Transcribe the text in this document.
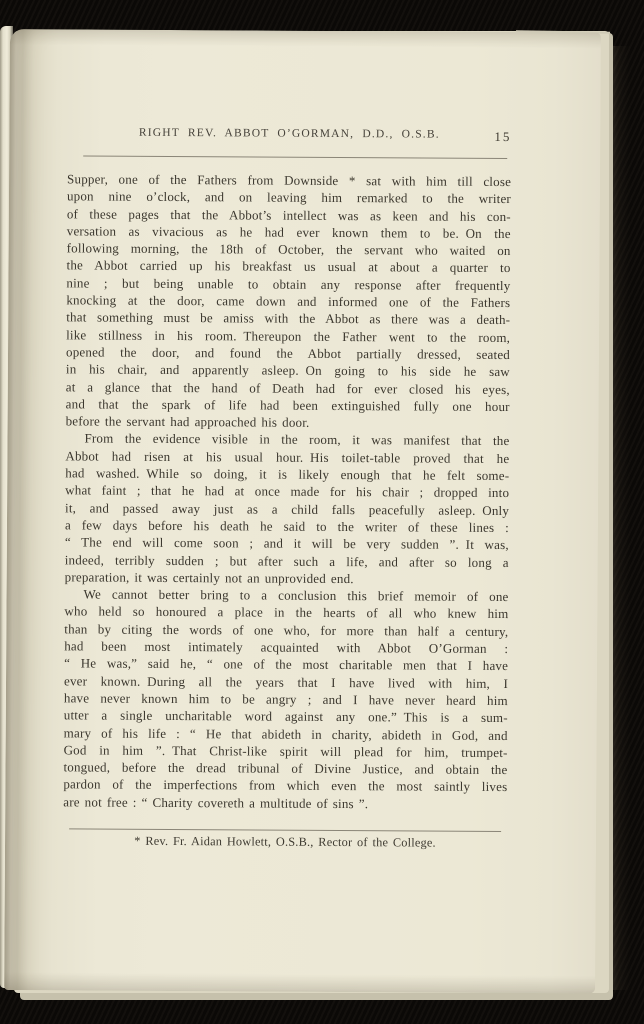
RIGHT REV. ABBOT O’GORMAN, D.D., O.S.B.	15
Supper, one of the Fathers from Downside * sat with him till close
upon nine o’clock, and on leaving him remarked to the writer
of these pages that the Abbot’s intellect was as keen and his con-
versation as vivacious as he had ever known them to be. On the
following morning, the 18th of October, the servant who waited on
the Abbot carried up his breakfast us usual at about a quarter to
nine ; but being unable to obtain any response after frequently
knocking at the door, came down and informed one of the Fathers
that something must be amiss with the Abbot as there was a death-
like stillness in his room. Thereupon the Father went to the room,
opened the door, and found the Abbot partially dressed, seated
in his chair, and apparently asleep. On going to his side he saw
at a glance that the hand of Death had for ever closed his eyes,
and that the spark of life had been extinguished fully one hour
before the servant had approached his door.
From the evidence visible in the room, it was manifest that the
Abbot had risen at his usual hour. His toilet-table proved that he
had washed. While so doing, it is likely enough that he felt some-
what faint ; that he had at once made for his chair ; dropped into
it, and passed away just as a child falls peacefully asleep. Only
a few days before his death he said to the writer of these lines :
“ The end will come soon ; and it will be very sudden ”. It was,
indeed, terribly sudden ; but after such a life, and after so long a
preparation, it was certainly not an unprovided end.
We cannot better bring to a conclusion this brief memoir of one
who held so honoured a place in the hearts of all who knew him
than by citing the words of one who, for more than half a century,
had been most intimately acquainted with Abbot O’Gorman :
“ He was,” said he, “ one of the most charitable men that I have
ever known. During all the years that I have lived with him, I
have never known him to be angry ; and I have never heard him
utter a single uncharitable word against any one.” This is a sum-
mary of his life : “ He that abideth in charity, abideth in God, and
God in him ”. That Christ-like spirit will plead for him, trumpet-
tongued, before the dread tribunal of Divine Justice, and obtain the
pardon of the imperfections from which even the most saintly lives
are not free : “ Charity covereth a multitude of sins ”.
* Rev. Fr. Aidan Howlett, O.S.B., Rector of the College.
